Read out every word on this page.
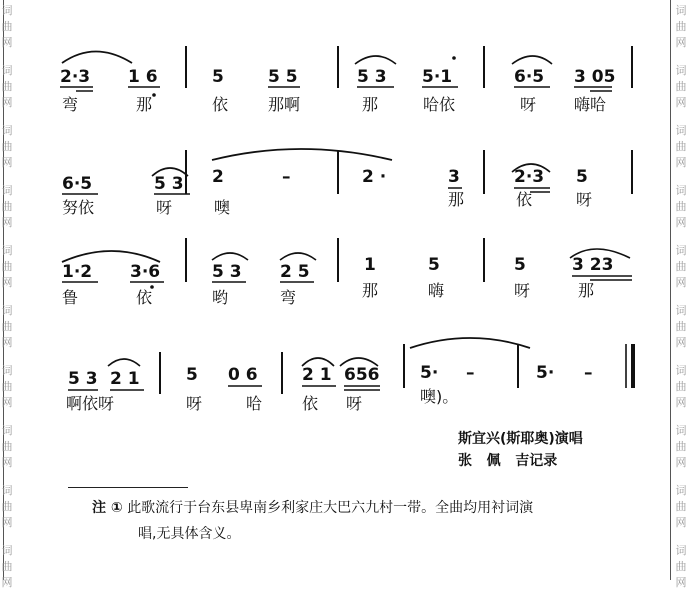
词
曲
网
词
曲
网
词
曲
网
词
曲
网
词
曲
网
词
曲
网
词
曲
网
词
曲
网
词
曲
网
词
曲
网
词
曲
网
词
曲
网
词
曲
网
词
曲
网
词
曲
网
词
曲
网
词
曲
网
词
曲
网
词
曲
网
词
曲
网
2·3 1 6	5	5 5	5 3 5·1	6·5 3 05
弯	那	依 那啊	那	哈依	呀 嗨哈
6·5	5 3 2	–	2 ·	3	2·3 5
努依	呀	噢	那	依	呀
1·2 3·6	5 3 2 5	1	5	5	3 23
鲁	依	哟	弯	那	嗨	呀	那
5 3 2 1	5 0 6	2 1 656 5· –	5· –
啊依呀	呀	哈 依 呀	噢)。
斯宜兴(斯耶奥)演唱
张   佩   吉记录
注 ① 此歌流行于台东县卑南乡利家庄大巴六九村一带。全曲均用衬词演
唱,无具体含义。
